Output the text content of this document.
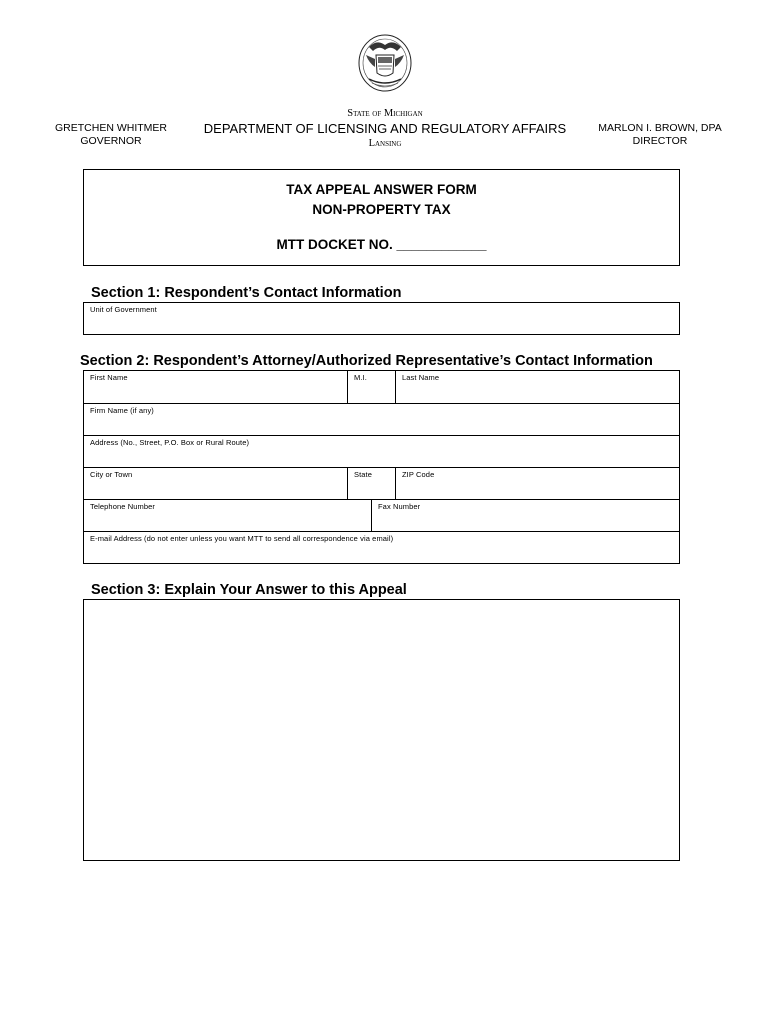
GRETCHEN WHITMER
GOVERNOR
State of Michigan
DEPARTMENT OF LICENSING AND REGULATORY AFFAIRS
Lansing
MARLON I. BROWN, DPA
DIRECTOR
TAX APPEAL ANSWER FORM
NON-PROPERTY TAX
MTT DOCKET NO. ____________
Section 1: Respondent’s Contact Information
Unit of Government
Section 2: Respondent’s Attorney/Authorized Representative’s Contact Information
First Name	M.I.	Last Name
Firm Name (if any)
Address (No., Street, P.O. Box or Rural Route)
City or Town	State	ZIP Code
Telephone Number	Fax Number
E-mail Address (do not enter unless you want MTT to send all correspondence via email)
Section 3: Explain Your Answer to this Appeal
